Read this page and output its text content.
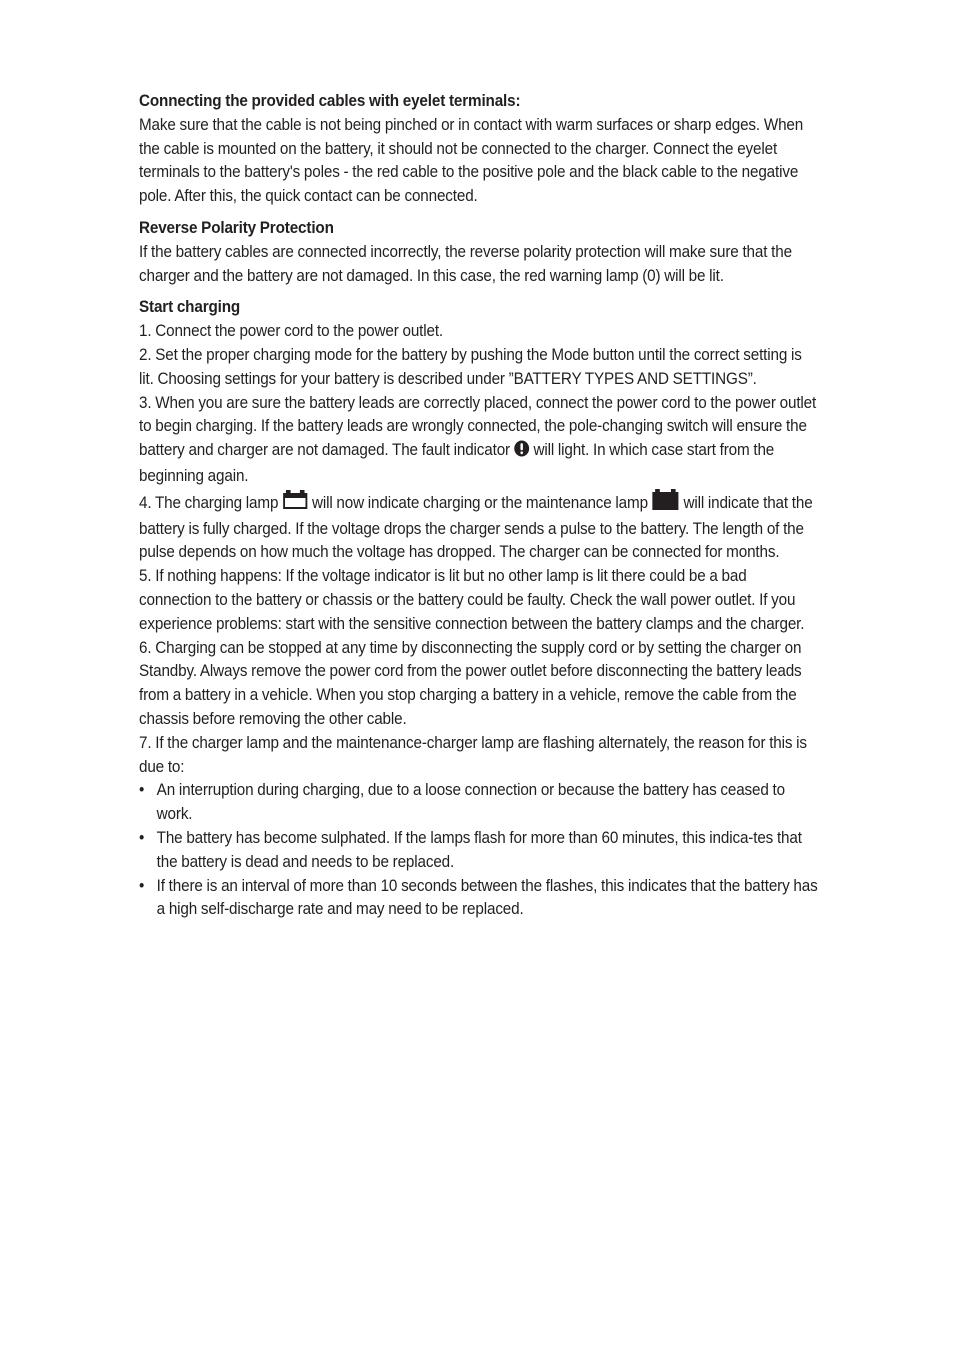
Connecting the provided cables with eyelet terminals:

Make sure that the cable is not being pinched or in contact with warm surfaces or sharp edges. When the cable is mounted on the battery, it should not be connected to the charger. Connect the eyelet terminals to the battery's poles - the red cable to the positive pole and the black cable to the negative pole. After this, the quick contact can be connected.

Reverse Polarity Protection

If the battery cables are connected incorrectly, the reverse polarity protection will make sure that the charger and the battery are not damaged. In this case, the red warning lamp (0) will be lit.

Start charging

1. Connect the power cord to the power outlet.

2. Set the proper charging mode for the battery by pushing the Mode button until the correct setting is lit. Choosing settings for your battery is described under ”BATTERY TYPES AND SETTINGS”.

3. When you are sure the battery leads are correctly placed, connect the power cord to the power outlet to begin charging. If the battery leads are wrongly connected, the pole-changing switch will ensure the battery and charger are not damaged. The fault indicator will light. In which case start from the beginning again.

4. The charging lamp will now indicate charging or the maintenance lamp will indicate that the battery is fully charged. If the voltage drops the charger sends a pulse to the battery. The length of the pulse depends on how much the voltage has dropped. The charger can be connected for months.

5. If nothing happens: If the voltage indicator is lit but no other lamp is lit there could be a bad connection to the battery or chassis or the battery could be faulty. Check the wall power outlet. If you experience problems: start with the sensitive connection between the battery clamps and the charger.

6. Charging can be stopped at any time by disconnecting the supply cord or by setting the charger on Standby. Always remove the power cord from the power outlet before disconnecting the battery leads from a battery in a vehicle. When you stop charging a battery in a vehicle, remove the cable from the chassis before removing the other cable.

7. If the charger lamp and the maintenance-charger lamp are flashing alternately, the reason for this is due to:

• An interruption during charging, due to a loose connection or because the battery has ceased to work.
• The battery has become sulphated. If the lamps flash for more than 60 minutes, this indica-tes that the battery is dead and needs to be replaced.
• If there is an interval of more than 10 seconds between the flashes, this indicates that the battery has a high self-discharge rate and may need to be replaced.
